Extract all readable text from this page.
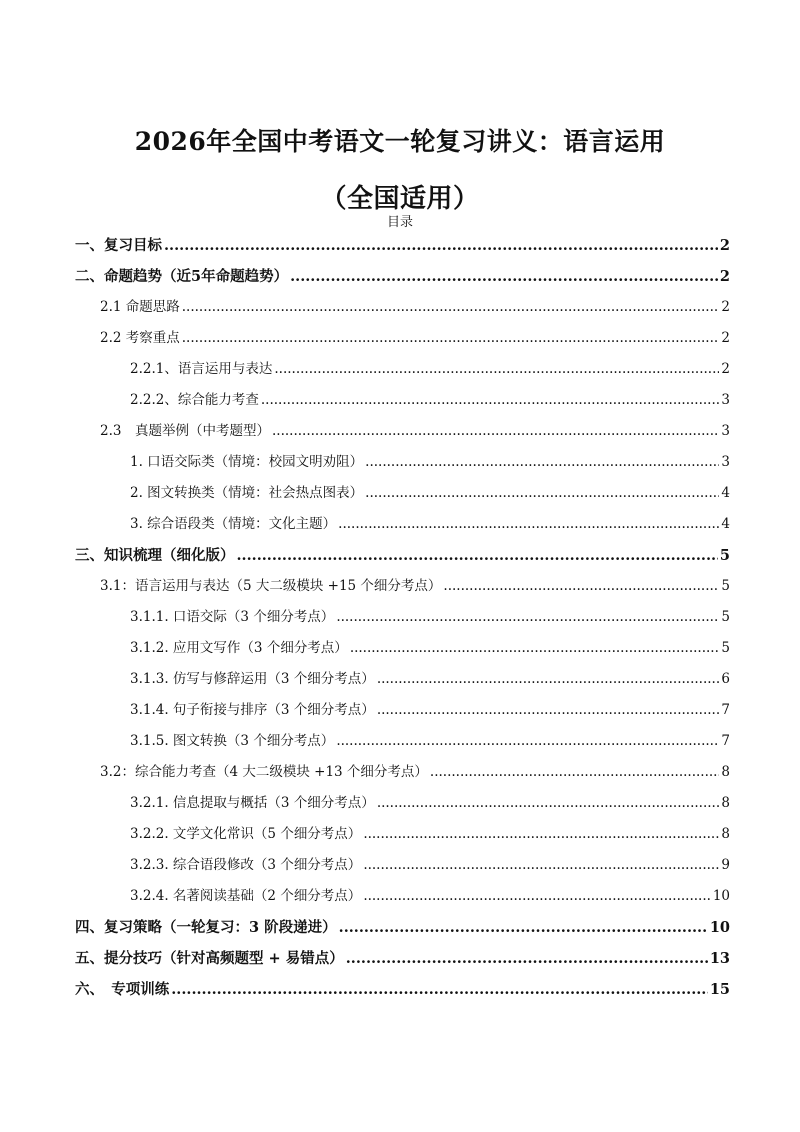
2026年全国中考语文一轮复习讲义：语言运用
（全国适用）
目录
一、复习目标 .....	2
二、命题趋势（近5年命题趋势） .....	2
2.1 命题思路 .....	2
2.2 考察重点 .....	2
2.2.1、语言运用与表达 .....	2
2.2.2、综合能力考查 .....	3
2.3　真题举例（中考题型） .....	3
1. 口语交际类（情境：校园文明劝阻） .....	3
2. 图文转换类（情境：社会热点图表） .....	4
3. 综合语段类（情境：文化主题） .....	4
三、知识梳理（细化版） .....	5
3.1：语言运用与表达（5 大二级模块 +15 个细分考点） .....	5
3.1.1. 口语交际（3 个细分考点） .....	5
3.1.2. 应用文写作（3 个细分考点） .....	5
3.1.3. 仿写与修辞运用（3 个细分考点） .....	6
3.1.4. 句子衔接与排序（3 个细分考点） .....	7
3.1.5. 图文转换（3 个细分考点） .....	7
3.2：综合能力考查（4 大二级模块 +13 个细分考点） .....	8
3.2.1. 信息提取与概括（3 个细分考点） .....	8
3.2.2. 文学文化常识（5 个细分考点） .....	8
3.2.3. 综合语段修改（3 个细分考点） .....	9
3.2.4. 名著阅读基础（2 个细分考点） .....	10
四、复习策略（一轮复习：3 阶段递进） .....	10
五、提分技巧（针对高频题型 + 易错点） .....	13
六、　专项训练 .....	15
